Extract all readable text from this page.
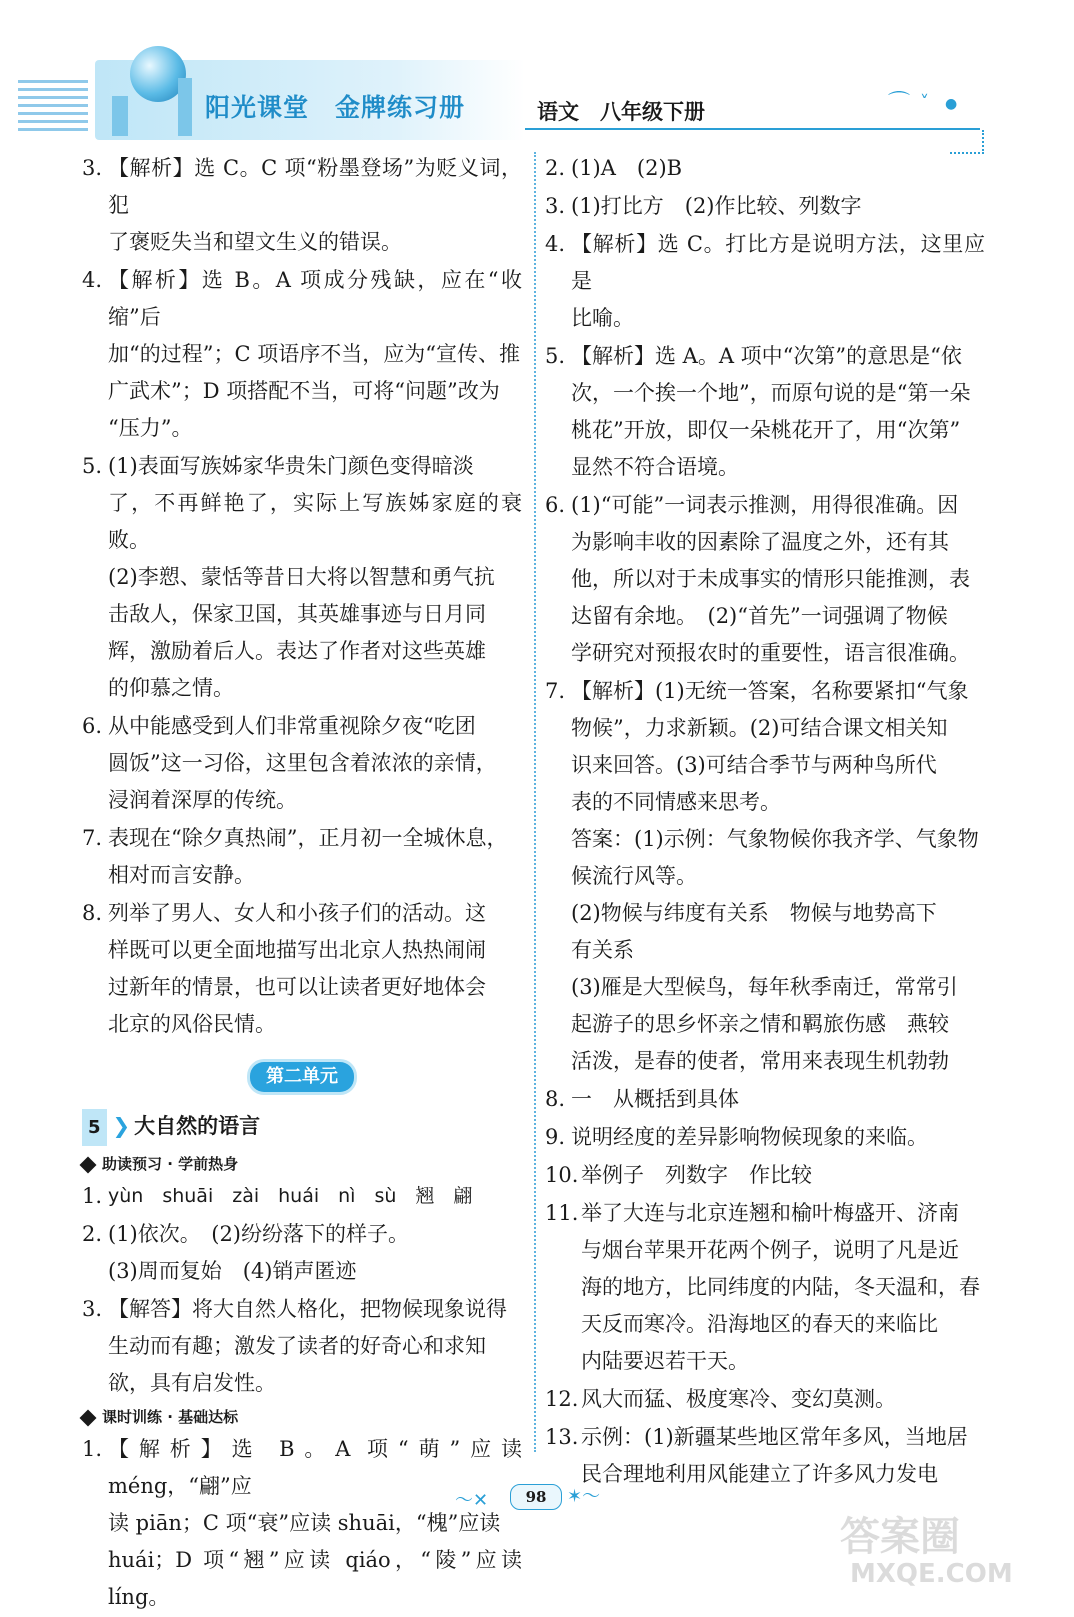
阳光课堂　金牌练习册	语文　八年级下册	⌒ ˅ ●
3. 【解析】选 C。C 项“粉墨登场”为贬义词，犯
了褒贬失当和望文生义的错误。
4. 【解析】选 B。A 项成分残缺，应在“收缩”后
加“的过程”；C 项语序不当，应为“宣传、推
广武术”；D 项搭配不当，可将“问题”改为
“压力”。
5. (1)表面写族姊家华贵朱门颜色变得暗淡
了，不再鲜艳了，实际上写族姊家庭的衰败。
(2)李愬、蒙恬等昔日大将以智慧和勇气抗
击敌人，保家卫国，其英雄事迹与日月同
辉，激励着后人。表达了作者对这些英雄
的仰慕之情。
6. 从中能感受到人们非常重视除夕夜“吃团
圆饭”这一习俗，这里包含着浓浓的亲情，
浸润着深厚的传统。
7. 表现在“除夕真热闹”，正月初一全城休息，
相对而言安静。
8. 列举了男人、女人和小孩子们的活动。这
样既可以更全面地描写出北京人热热闹闹
过新年的情景，也可以让读者更好地体会
北京的风俗民情。
第二单元
5 ❯ 大自然的语言
助读预习 · 学前热身
1. yùn　shuāi　zài　huái　nì　sù　翘　翩
2. (1)依次。　(2)纷纷落下的样子。
(3)周而复始　(4)销声匿迹
3. 【解答】将大自然人格化，把物候现象说得
生动而有趣；激发了读者的好奇心和求知
欲，具有启发性。
课时训练 · 基础达标
1. 【解析】选 B。A 项“萌”应读 méng，“翩”应
读 piān；C 项“衰”应读 shuāi，“槐”应读
huái；D 项“翘”应读 qiáo，“陵”应读 líng。
2. (1)A　(2)B
3. (1)打比方　(2)作比较、列数字
4. 【解析】选 C。打比方是说明方法，这里应是
比喻。
5. 【解析】选 A。A 项中“次第”的意思是“依
次，一个挨一个地”，而原句说的是“第一朵
桃花”开放，即仅一朵桃花开了，用“次第”
显然不符合语境。
6. (1)“可能”一词表示推测，用得很准确。因
为影响丰收的因素除了温度之外，还有其
他，所以对于未成事实的情形只能推测，表
达留有余地。　(2)“首先”一词强调了物候
学研究对预报农时的重要性，语言很准确。
7. 【解析】(1)无统一答案，名称要紧扣“气象
物候”，力求新颖。(2)可结合课文相关知
识来回答。(3)可结合季节与两种鸟所代
表的不同情感来思考。
答案：(1)示例：气象物候你我齐学、气象物
候流行风等。
(2)物候与纬度有关系　物候与地势高下
有关系
(3)雁是大型候鸟，每年秋季南迁，常常引
起游子的思乡怀亲之情和羁旅伤感　燕较
活泼，是春的使者，常用来表现生机勃勃
8. 一　从概括到具体
9. 说明经度的差异影响物候现象的来临。
10. 举例子　列数字　作比较
11. 举了大连与北京连翘和榆叶梅盛开、济南
与烟台苹果开花两个例子，说明了凡是近
海的地方，比同纬度的内陆，冬天温和，春
天反而寒冷。沿海地区的春天的来临比
内陆要迟若干天。
12. 风大而猛、极度寒冷、变幻莫测。
13. 示例：(1)新疆某些地区常年多风，当地居
民合理地利用风能建立了许多风力发电
～✕	98	✶～
答案圈
MXQE.COM
